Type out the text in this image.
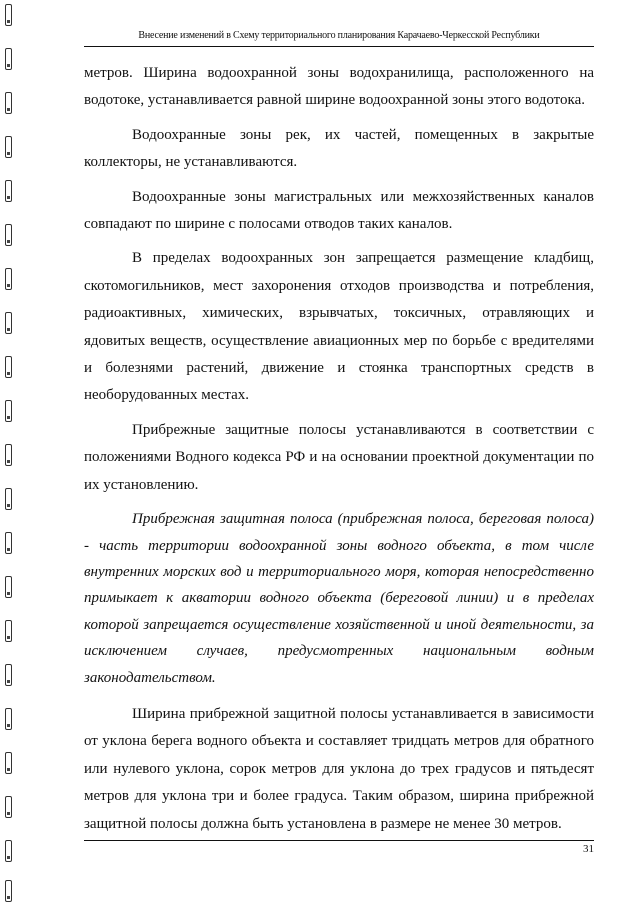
Внесение изменений в Схему территориального планирования Карачаево-Черкесской Республики

метров. Ширина водоохранной зоны водохранилища, расположенного на водотоке, устанавливается равной ширине водоохранной зоны этого водотока.

Водоохранные зоны рек, их частей, помещенных в закрытые коллекторы, не устанавливаются.

Водоохранные зоны магистральных или межхозяйственных каналов совпадают по ширине с полосами отводов таких каналов.

В пределах водоохранных зон запрещается размещение кладбищ, скотомогильников, мест захоронения отходов производства и потребления, радиоактивных, химических, взрывчатых, токсичных, отравляющих и ядовитых веществ, осуществление авиационных мер по борьбе с вредителями и болезнями растений, движение и стоянка транспортных средств в необорудованных местах.

Прибрежные защитные полосы устанавливаются в соответствии с положениями Водного кодекса РФ и на основании проектной документации по их установлению.

Прибрежная защитная полоса (прибрежная полоса, береговая полоса) - часть территории водоохранной зоны водного объекта, в том числе внутренних морских вод и территориального моря, которая непосредственно примыкает к акватории водного объекта (береговой линии) и в пределах которой запрещается осуществление хозяйственной и иной деятельности, за исключением случаев, предусмотренных национальным водным законодательством.

Ширина прибрежной защитной полосы устанавливается в зависимости от уклона берега водного объекта и составляет тридцать метров для обратного или нулевого уклона, сорок метров для уклона до трех градусов и пятьдесят метров для уклона три и более градуса. Таким образом, ширина прибрежной защитной полосы должна быть установлена в размере не менее 30 метров.

31
